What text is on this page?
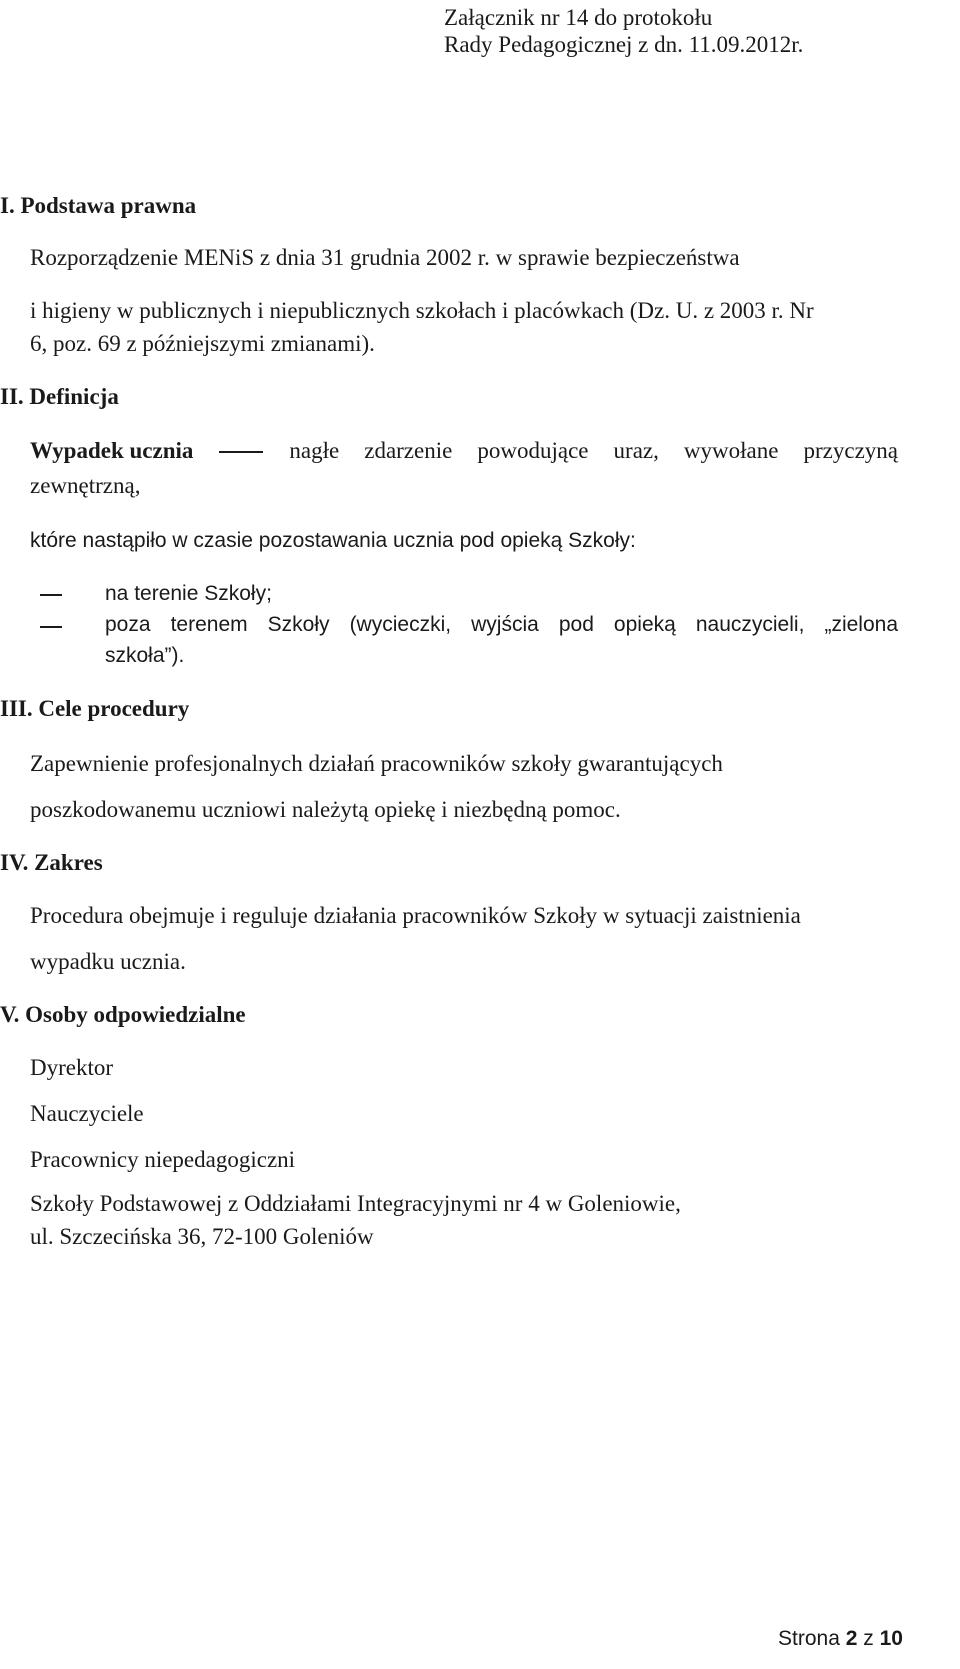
Załącznik nr 14 do protokołu
Rady Pedagogicznej z dn. 11.09.2012r.
I. Podstawa prawna
Rozporządzenie MENiS z dnia 31 grudnia 2002 r. w sprawie bezpieczeństwa
i higieny w publicznych i niepublicznych szkołach i placówkach (Dz. U. z 2003 r. Nr
6, poz. 69 z późniejszymi zmianami).
II. Definicja
Wypadek ucznia	nagłe zdarzenie powodujące uraz, wywołane przyczyną
zewnętrzną,
które nastąpiło w czasie pozostawania ucznia pod opieką Szkoły:
na terenie Szkoły;
poza terenem Szkoły (wycieczki, wyjścia pod opieką nauczycieli, „zielona
szkoła”).
III. Cele procedury
Zapewnienie profesjonalnych działań pracowników szkoły gwarantujących
poszkodowanemu uczniowi należytą opiekę i niezbędną pomoc.
IV. Zakres
Procedura obejmuje i reguluje działania pracowników Szkoły w sytuacji zaistnienia
wypadku ucznia.
V. Osoby odpowiedzialne
Dyrektor
Nauczyciele
Pracownicy niepedagogiczni
Szkoły Podstawowej z Oddziałami Integracyjnymi nr 4 w Goleniowie,
ul. Szczecińska 36, 72-100 Goleniów
Strona 2 z 10
